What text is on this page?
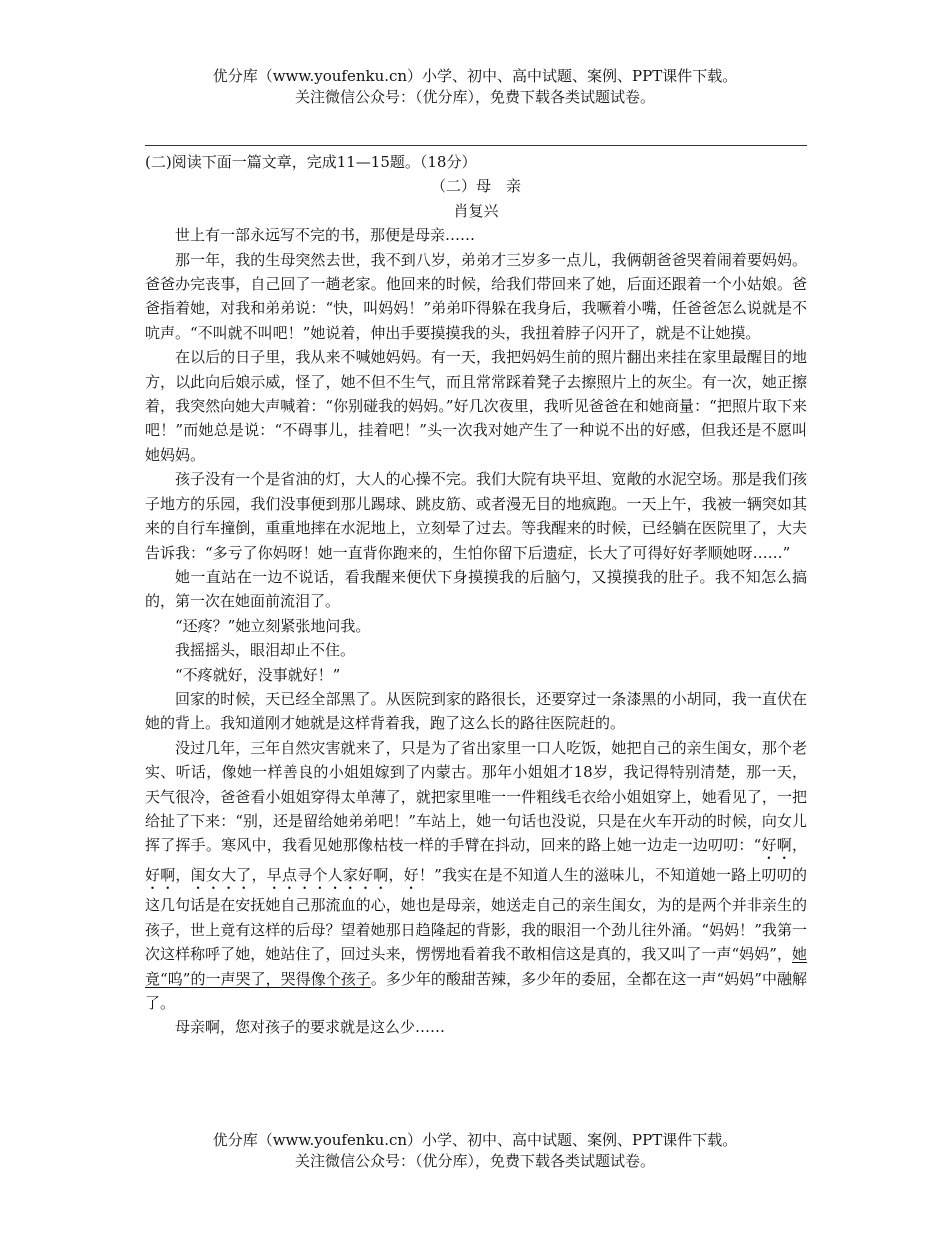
优分库（www.youfenku.cn）小学、初中、高中试题、案例、PPT课件下载。
关注微信公众号：（优分库），免费下载各类试题试卷。

(二)阅读下面一篇文章，完成11—15题。（18分）

（二）母　亲

肖复兴

世上有一部永远写不完的书，那便是母亲……

那一年，我的生母突然去世，我不到八岁，弟弟才三岁多一点儿，我俩朝爸爸哭着闹着要妈妈。爸爸办完丧事，自己回了一趟老家。他回来的时候，给我们带回来了她，后面还跟着一个小姑娘。爸爸指着她，对我和弟弟说：“快，叫妈妈！”弟弟吓得躲在我身后，我噘着小嘴，任爸爸怎么说就是不吭声。“不叫就不叫吧！”她说着，伸出手要摸摸我的头，我扭着脖子闪开了，就是不让她摸。

在以后的日子里，我从来不喊她妈妈。有一天，我把妈妈生前的照片翻出来挂在家里最醒目的地方，以此向后娘示威，怪了，她不但不生气，而且常常踩着凳子去擦照片上的灰尘。有一次，她正擦着，我突然向她大声喊着：“你别碰我的妈妈。”好几次夜里，我听见爸爸在和她商量：“把照片取下来吧！”而她总是说：“不碍事儿，挂着吧！”头一次我对她产生了一种说不出的好感，但我还是不愿叫她妈妈。

孩子没有一个是省油的灯，大人的心操不完。我们大院有块平坦、宽敞的水泥空场。那是我们孩子地方的乐园，我们没事便到那儿踢球、跳皮筋、或者漫无目的地疯跑。一天上午，我被一辆突如其来的自行车撞倒，重重地摔在水泥地上，立刻晕了过去。等我醒来的时候，已经躺在医院里了，大夫告诉我：“多亏了你妈呀！她一直背你跑来的，生怕你留下后遗症，长大了可得好好孝顺她呀……”

她一直站在一边不说话，看我醒来便伏下身摸摸我的后脑勺，又摸摸我的肚子。我不知怎么搞的，第一次在她面前流泪了。

“还疼？”她立刻紧张地问我。

我摇摇头，眼泪却止不住。

“不疼就好，没事就好！”

回家的时候，天已经全部黑了。从医院到家的路很长，还要穿过一条漆黑的小胡同，我一直伏在她的背上。我知道刚才她就是这样背着我，跑了这么长的路往医院赶的。

没过几年，三年自然灾害就来了，只是为了省出家里一口人吃饭，她把自己的亲生闺女，那个老实、听话，像她一样善良的小姐姐嫁到了内蒙古。那年小姐姐才18岁，我记得特别清楚，那一天，天气很冷，爸爸看小姐姐穿得太单薄了，就把家里唯一一件粗线毛衣给小姐姐穿上，她看见了，一把给扯了下来：“别，还是留给她弟弟吧！”车站上，她一句话也没说，只是在火车开动的时候，向女儿挥了挥手。寒风中，我看见她那像枯枝一样的手臂在抖动，回来的路上她一边走一边叨叨：“好啊，好啊，闺女大了，早点寻个人家好啊，好！”我实在是不知道人生的滋味儿，不知道她一路上叨叨的这几句话是在安抚她自己那流血的心，她也是母亲，她送走自己的亲生闺女，为的是两个并非亲生的孩子，世上竟有这样的后母？望着她那日趋隆起的背影，我的眼泪一个劲儿往外涌。“妈妈！”我第一次这样称呼了她，她站住了，回过头来，愣愣地看着我不敢相信这是真的，我又叫了一声“妈妈”，她竟“呜”的一声哭了，哭得像个孩子。多少年的酸甜苦辣，多少年的委屈，全都在这一声“妈妈”中融解了。

母亲啊，您对孩子的要求就是这么少……

优分库（www.youfenku.cn）小学、初中、高中试题、案例、PPT课件下载。
关注微信公众号：（优分库），免费下载各类试题试卷。
